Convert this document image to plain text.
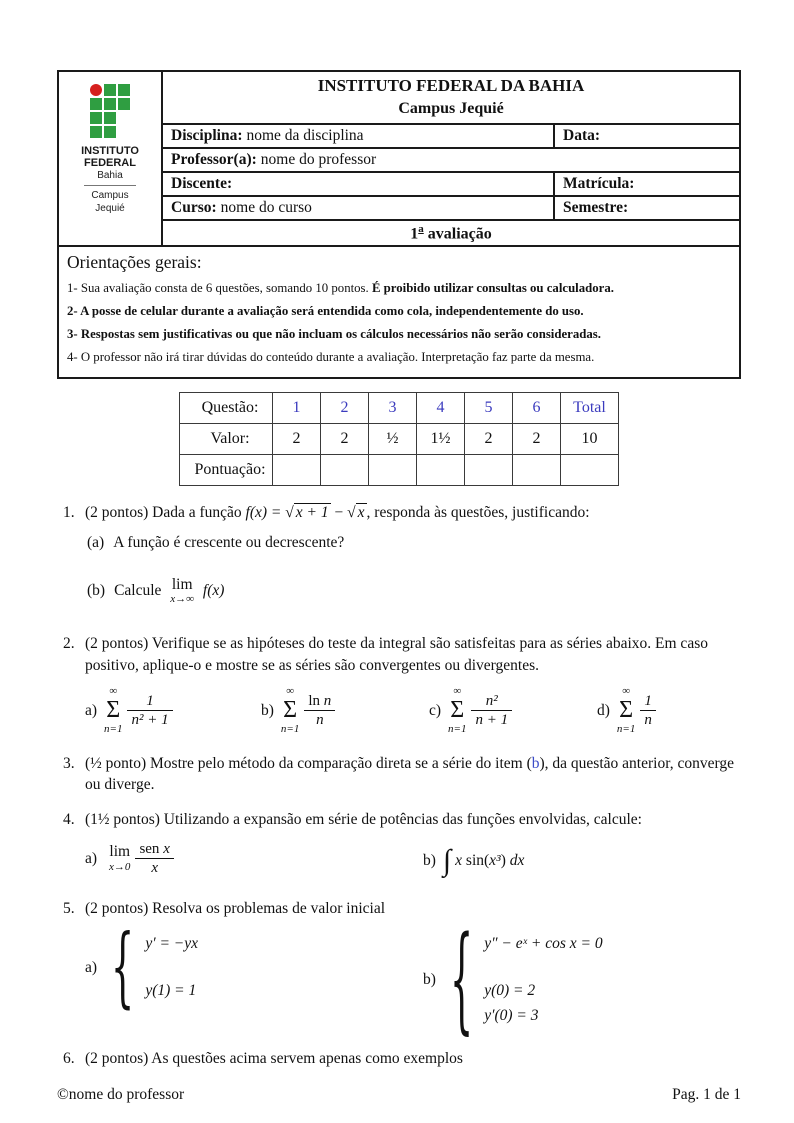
INSTITUTO
FEDERAL
Bahia
Campus
Jequié
INSTITUTO FEDERAL DA BAHIA
Campus Jequié
Disciplina: nome da disciplina	Data:
Professor(a): nome do professor
Discente:	Matrícula:
Curso: nome do curso	Semestre:
1$^a$ avaliação
Orientações gerais:
1- Sua avaliação consta de 6 questões, somando 10 pontos. É proibido utilizar consultas ou calculadora.
2- A posse de celular durante a avaliação será entendida como cola, independentemente do uso.
3- Respostas sem justificativas ou que não incluam os cálculos necessários não serão consideradas.
4- O professor não irá tirar dúvidas do conteúdo durante a avaliação. Interpretação faz parte da mesma.
Questão:	1	2	3	4	5	6	Total
Valor:	2	2	½	1½	2	2	10
Pontuação:							
1. (2 pontos) Dada a função f(x) = √ x + 1 − √ x , responda às questões, justificando:
(a) A função é crescente ou decrescente?
(b) Calcule lim
x→∞
f(x)
2. (2 pontos) Verifique se as hipóteses do teste da integral são satisfeitas para as séries abaixo. Em caso positivo, aplique-o e mostre se as séries são convergentes ou divergentes.
a)
∞
Σ
$n=1 \frac{1}{\text{n² + 1}}$	b)
∞
Σ
$n=1 \frac{\text{ln n}}{n}$	c)
∞
Σ
$n=1 \frac{\text{n²}}{n + 1}$	d)
∞
Σ
$n=1 \frac{1}{n}$
3. (½ ponto) Mostre pelo método da comparação direta se a série do item (b), da questão anterior, converge ou diverge.
4. (1½ pontos) Utilizando a expansão em série de potências das funções envolvidas, calcule:
a) lim
$x\to 0 \frac{\text{sen x}}{x}$	b) ∫ x sin(x³) dx
5. (2 pontos) Resolva os problemas de valor inicial
a) { y′ = −yx
y(1) = 1
b) { y″ − eˣ + cos x = 0
y(0) = 2
y′(0) = 3
6. (2 pontos) As questões acima servem apenas como exemplos
©nome do professor	Pag. 1 de 1
